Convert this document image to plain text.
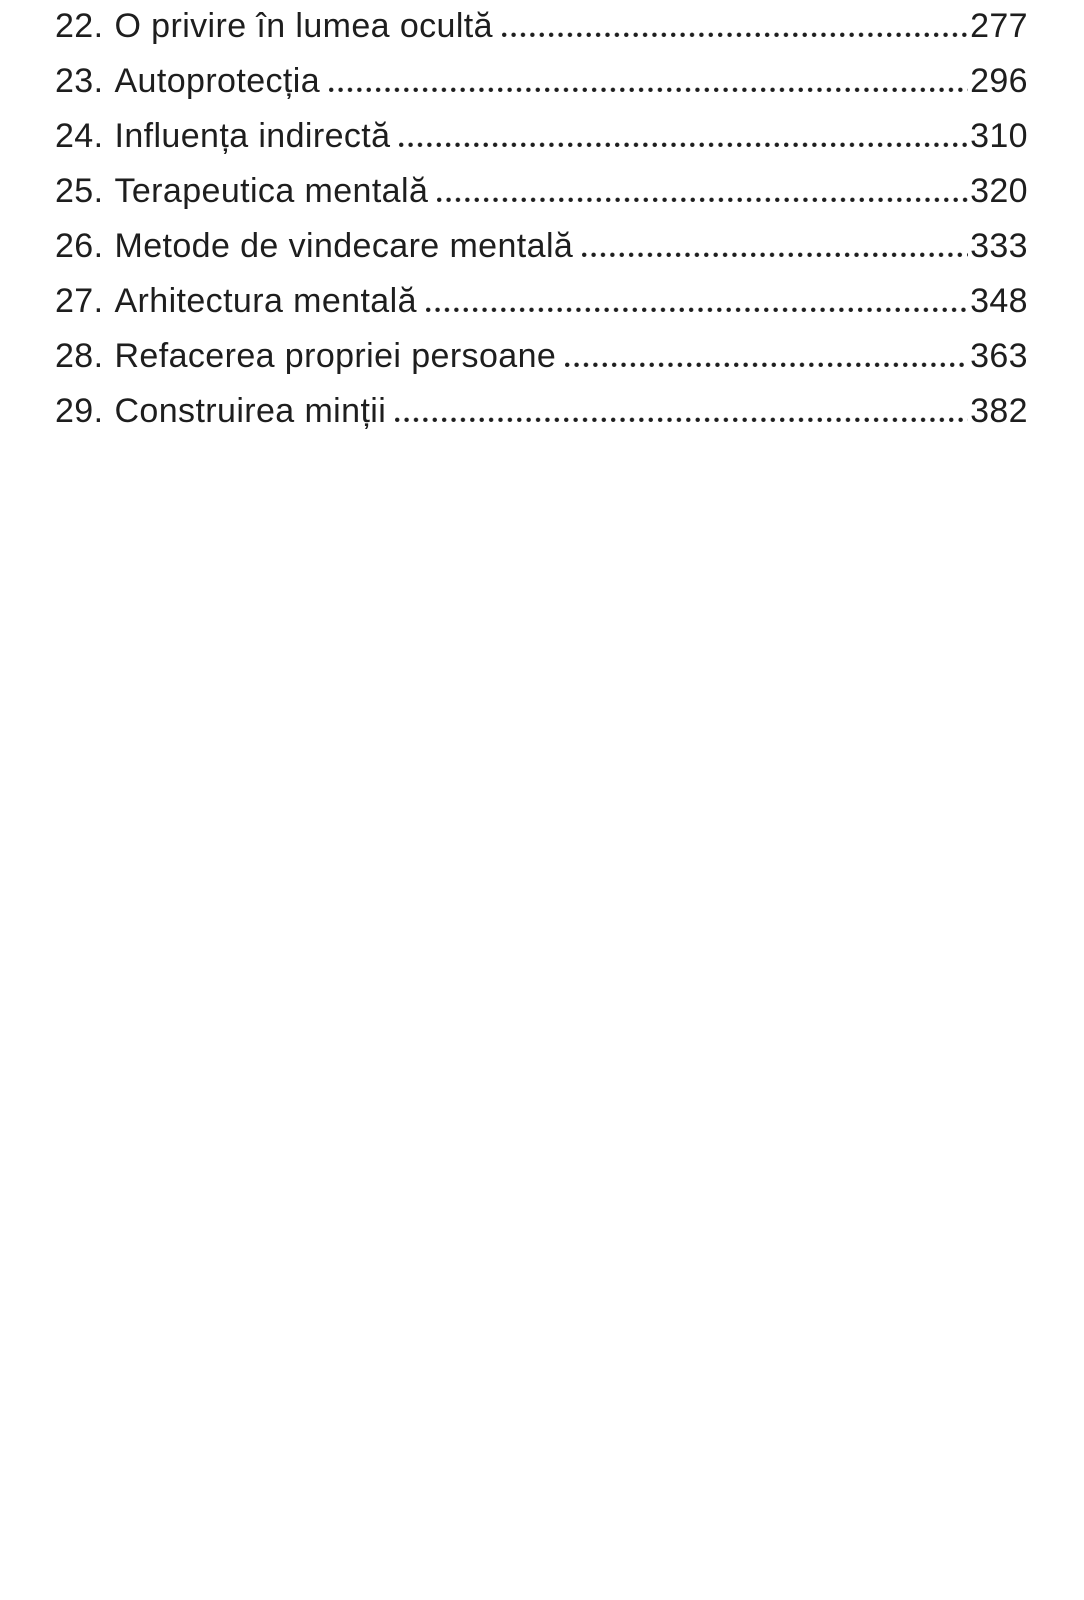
22. O privire în lumea ocultă	277
23. Autoprotecția	296
24. Influența indirectă	310
25. Terapeutica mentală	320
26. Metode de vindecare mentală	333
27. Arhitectura mentală	348
28. Refacerea propriei persoane	363
29. Construirea minții	382
